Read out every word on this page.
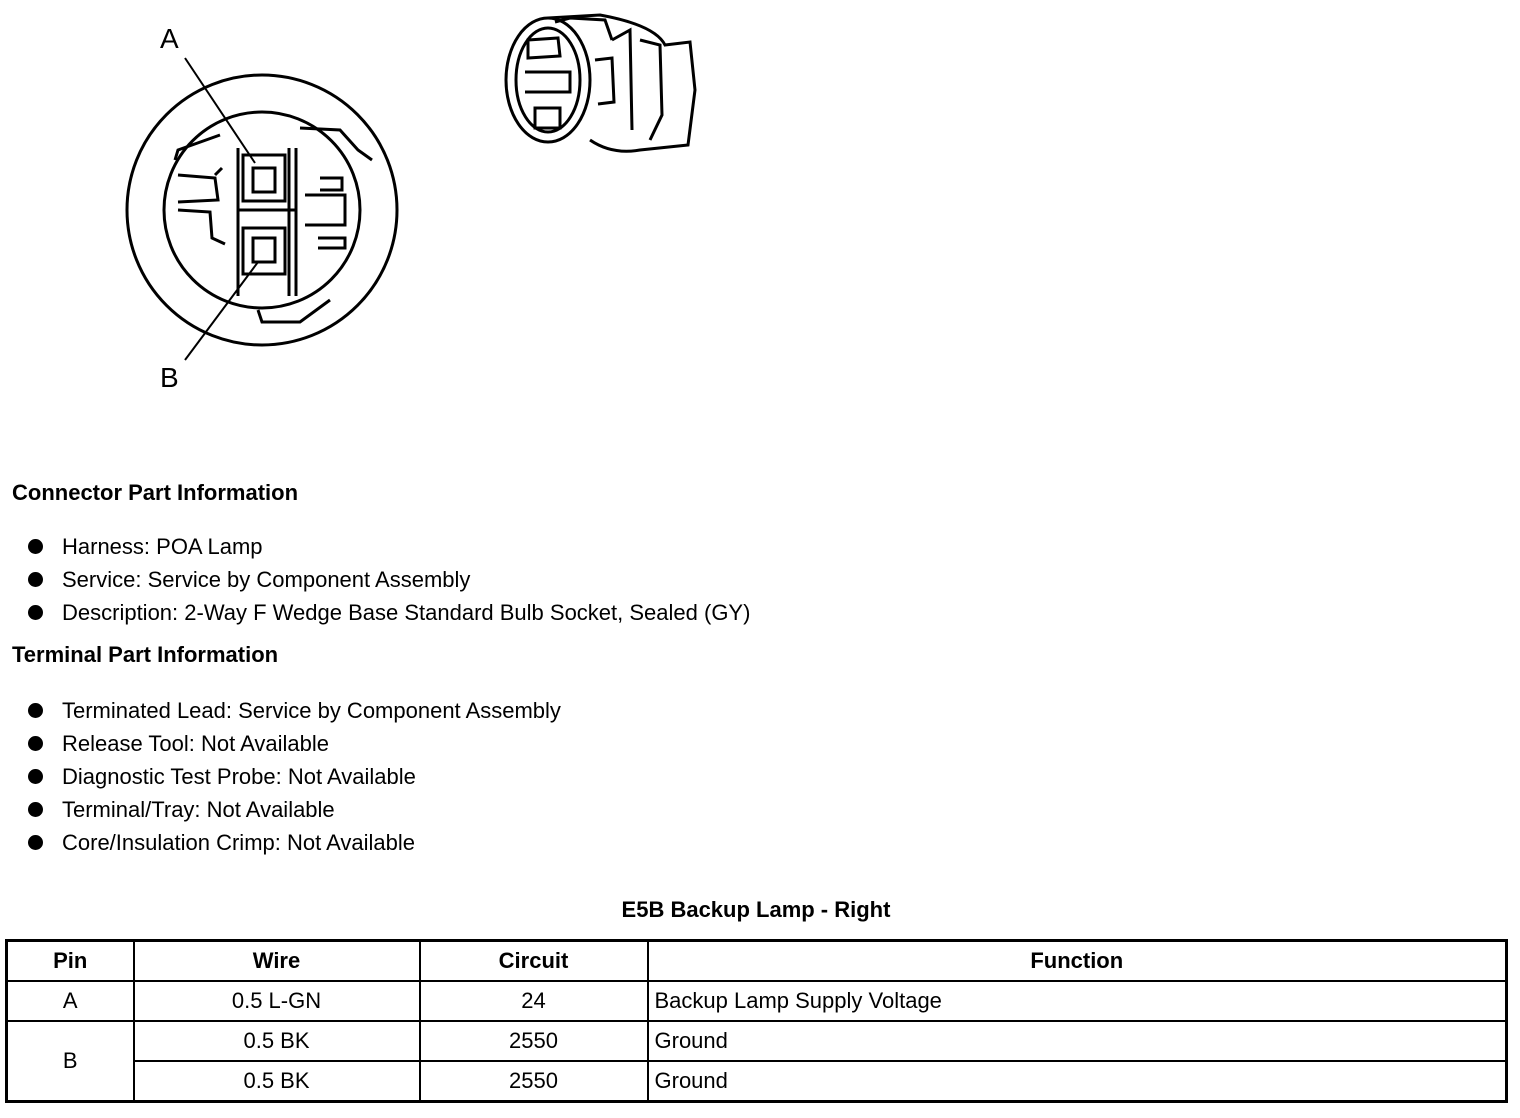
A
B
Connector Part Information
Harness: POA Lamp
Service: Service by Component Assembly
Description: 2-Way F Wedge Base Standard Bulb Socket, Sealed (GY)
Terminal Part Information
Terminated Lead: Service by Component Assembly
Release Tool: Not Available
Diagnostic Test Probe: Not Available
Terminal/Tray: Not Available
Core/Insulation Crimp: Not Available
E5B Backup Lamp - Right
Pin	Wire	Circuit	Function
A	0.5 L-GN	24	Backup Lamp Supply Voltage
B	0.5 BK	2550	Ground
	0.5 BK	2550	Ground
